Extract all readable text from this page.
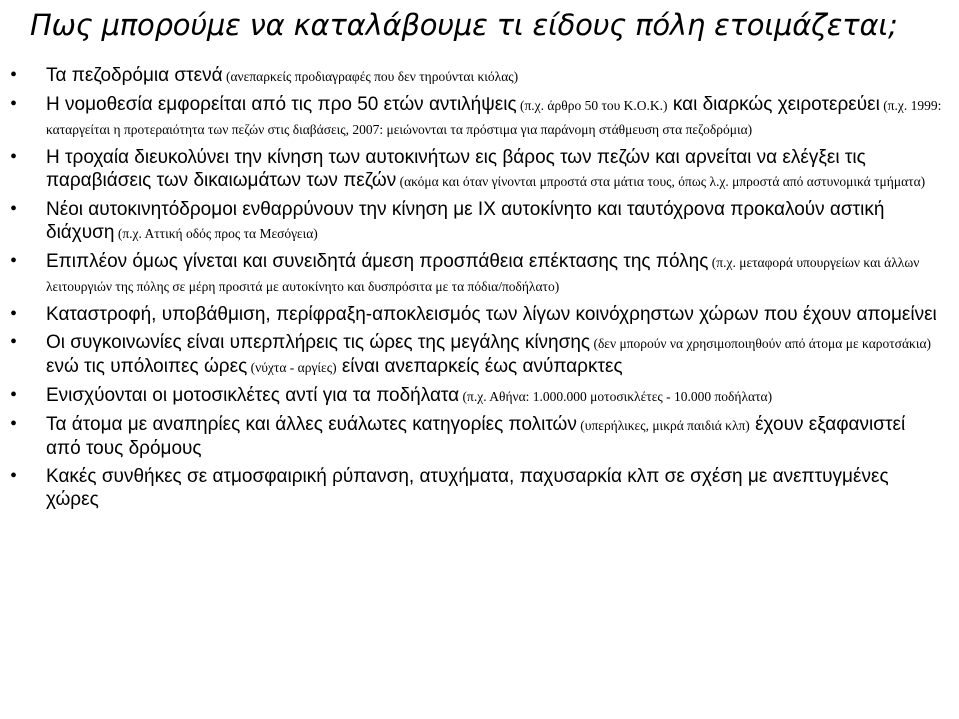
Πως μπορούμε να καταλάβουμε τι είδους πόλη ετοιμάζεται;
• Τα πεζοδρόμια στενά (ανεπαρκείς προδιαγραφές που δεν τηρούνται κιόλας)
• Η νομοθεσία εμφορείται από τις προ 50 ετών αντιλήψεις (π.χ. άρθρο 50 του Κ.Ο.Κ.) και διαρκώς χειροτερεύει (π.χ. 1999: καταργείται η προτεραιότητα των πεζών στις διαβάσεις, 2007: μειώνονται τα πρόστιμα για παράνομη στάθμευση στα πεζοδρόμια)
• Η τροχαία διευκολύνει την κίνηση των αυτοκινήτων εις βάρος των πεζών και αρνείται να ελέγξει τις παραβιάσεις των δικαιωμάτων των πεζών (ακόμα και όταν γίνονται μπροστά στα μάτια τους, όπως λ.χ. μπροστά από αστυνομικά τμήματα)
• Νέοι αυτοκινητόδρομοι ενθαρρύνουν την κίνηση με ΙΧ αυτοκίνητο και ταυτόχρονα προκαλούν αστική διάχυση (π.χ. Αττική οδός προς τα Μεσόγεια)
• Επιπλέον όμως γίνεται και συνειδητά άμεση προσπάθεια επέκτασης της πόλης (π.χ. μεταφορά υπουργείων και άλλων λειτουργιών της πόλης σε μέρη προσιτά με αυτοκίνητο και δυσπρόσιτα με τα πόδια/ποδήλατο)
• Καταστροφή, υποβάθμιση, περίφραξη-αποκλεισμός των λίγων κοινόχρηστων χώρων που έχουν απομείνει
• Οι συγκοινωνίες είναι υπερπλήρεις τις ώρες της μεγάλης κίνησης (δεν μπορούν να χρησιμοποιηθούν από άτομα με καροτσάκια) ενώ τις υπόλοιπες ώρες (νύχτα - αργίες) είναι ανεπαρκείς έως ανύπαρκτες
• Ενισχύονται οι μοτοσικλέτες αντί για τα ποδήλατα (π.χ. Αθήνα: 1.000.000 μοτοσικλέτες - 10.000 ποδήλατα)
• Τα άτομα με αναπηρίες και άλλες ευάλωτες κατηγορίες πολιτών (υπερήλικες, μικρά παιδιά κλπ) έχουν εξαφανιστεί από τους δρόμους
• Κακές συνθήκες σε ατμοσφαιρική ρύπανση, ατυχήματα, παχυσαρκία κλπ σε σχέση με ανεπτυγμένες χώρες
